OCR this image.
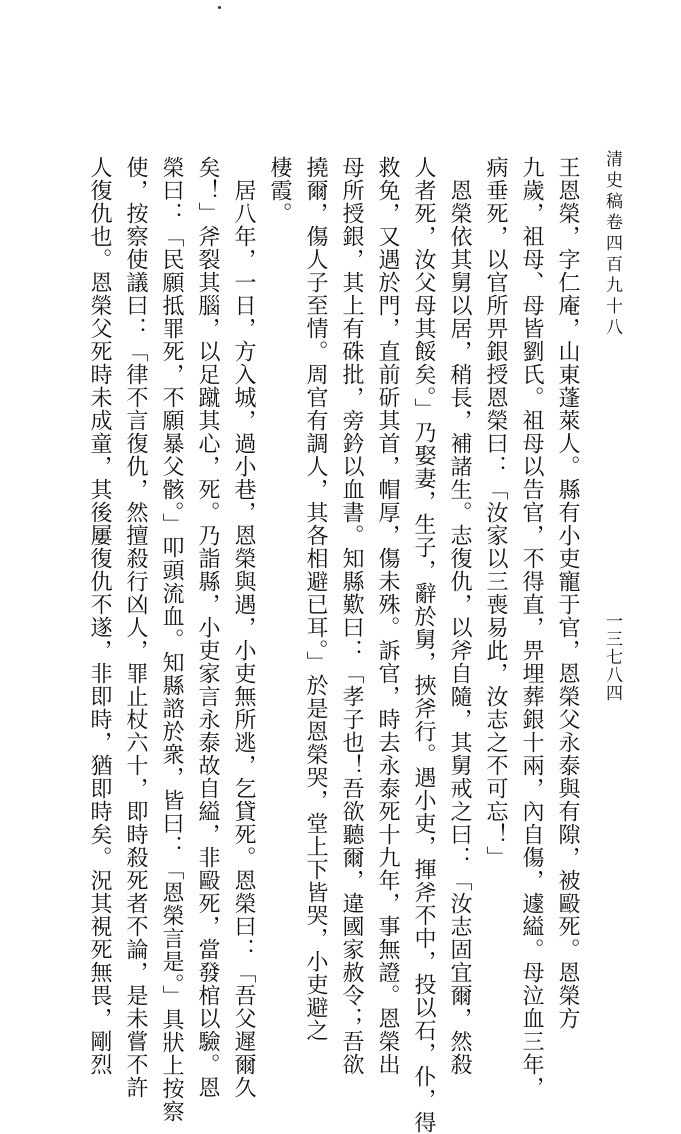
清史稿卷四百九十八
一三七八四
王恩榮，字仁庵，山東蓬萊人。縣有小吏寵于官，恩榮父永泰與有隙，被毆死。恩榮方
九歲，祖母、母皆劉氏。祖母以告官，不得直，畀埋葬銀十兩，內自傷，遽縊。母泣血三年，
病垂死，以官所畀銀授恩榮曰：「汝家以三喪易此，汝志之不可忘！」
　恩榮依其舅以居，稍長，補諸生。志復仇，以斧自隨，其舅戒之曰：「汝志固宜爾，然殺
人者死，汝父母其餒矣。」乃娶妻，生子，辭於舅，挾斧行。遇小吏，揮斧不中，投以石，仆，得
救免，又遇於門，直前斫其首，帽厚，傷未殊。訴官，時去永泰死十九年，事無證。恩榮出
母所授銀，其上有硃批，旁鈐以血書。知縣歎曰：「孝子也！吾欲聽爾，違國家赦令；吾欲
撓爾，傷人子至情。周官有調人，其各相避已耳。」於是恩榮哭，堂上下皆哭，小吏避之
棲霞。
　居八年，一日，方入城，過小巷，恩榮與遇，小吏無所逃，乞貸死。恩榮曰：「吾父遲爾久
矣！」斧裂其腦，以足蹴其心，死。乃詣縣，小吏家言永泰故自縊，非毆死，當發棺以驗。恩
榮曰：「民願抵罪死，不願暴父骸。」叩頭流血。知縣諮於衆，皆曰：「恩榮言是。」具狀上按察
使，按察使議曰：「律不言復仇，然擅殺行凶人，罪止杖六十，即時殺死者不論，是未嘗不許
人復仇也。恩榮父死時未成童，其後屢復仇不遂，非即時，猶即時矣。況其視死無畏，剛烈
